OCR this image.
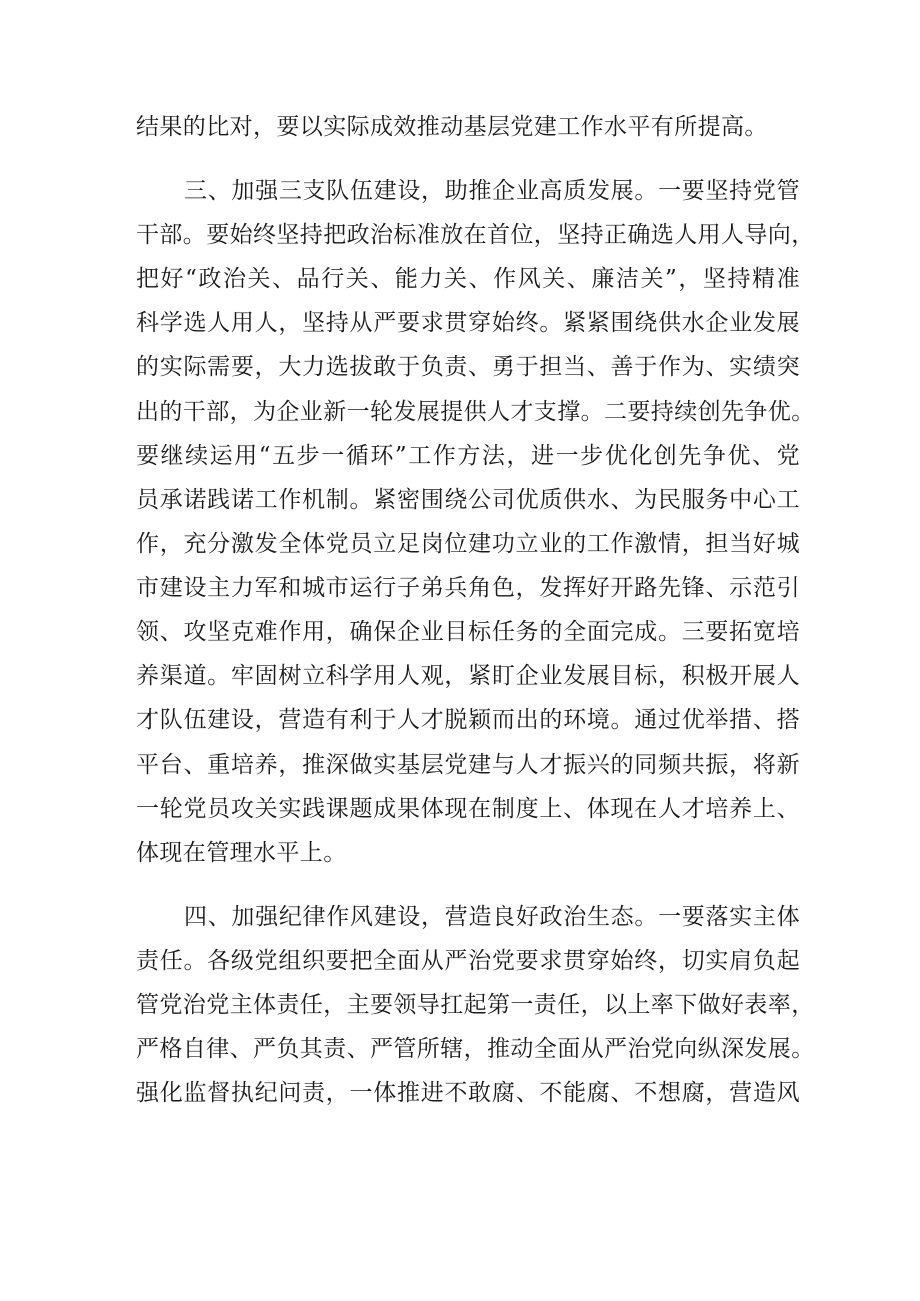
结果的比对，要以实际成效推动基层党建工作水平有所提高。
三、加强三支队伍建设，助推企业高质发展。一要坚持党管
干部。要始终坚持把政治标准放在首位，坚持正确选人用人导向，
把好“政治关、品行关、能力关、作风关、廉洁关”，坚持精准
科学选人用人，坚持从严要求贯穿始终。紧紧围绕供水企业发展
的实际需要，大力选拔敢于负责、勇于担当、善于作为、实绩突
出的干部，为企业新一轮发展提供人才支撑。二要持续创先争优。
要继续运用“五步一循环”工作方法，进一步优化创先争优、党
员承诺践诺工作机制。紧密围绕公司优质供水、为民服务中心工
作，充分激发全体党员立足岗位建功立业的工作激情，担当好城
市建设主力军和城市运行子弟兵角色，发挥好开路先锋、示范引
领、攻坚克难作用，确保企业目标任务的全面完成。三要拓宽培
养渠道。牢固树立科学用人观，紧盯企业发展目标，积极开展人
才队伍建设，营造有利于人才脱颖而出的环境。通过优举措、搭
平台、重培养，推深做实基层党建与人才振兴的同频共振，将新
一轮党员攻关实践课题成果体现在制度上、体现在人才培养上、
体现在管理水平上。
四、加强纪律作风建设，营造良好政治生态。一要落实主体
责任。各级党组织要把全面从严治党要求贯穿始终，切实肩负起
管党治党主体责任，主要领导扛起第一责任，以上率下做好表率，
严格自律、严负其责、严管所辖，推动全面从严治党向纵深发展。
强化监督执纪问责，一体推进不敢腐、不能腐、不想腐，营造风
